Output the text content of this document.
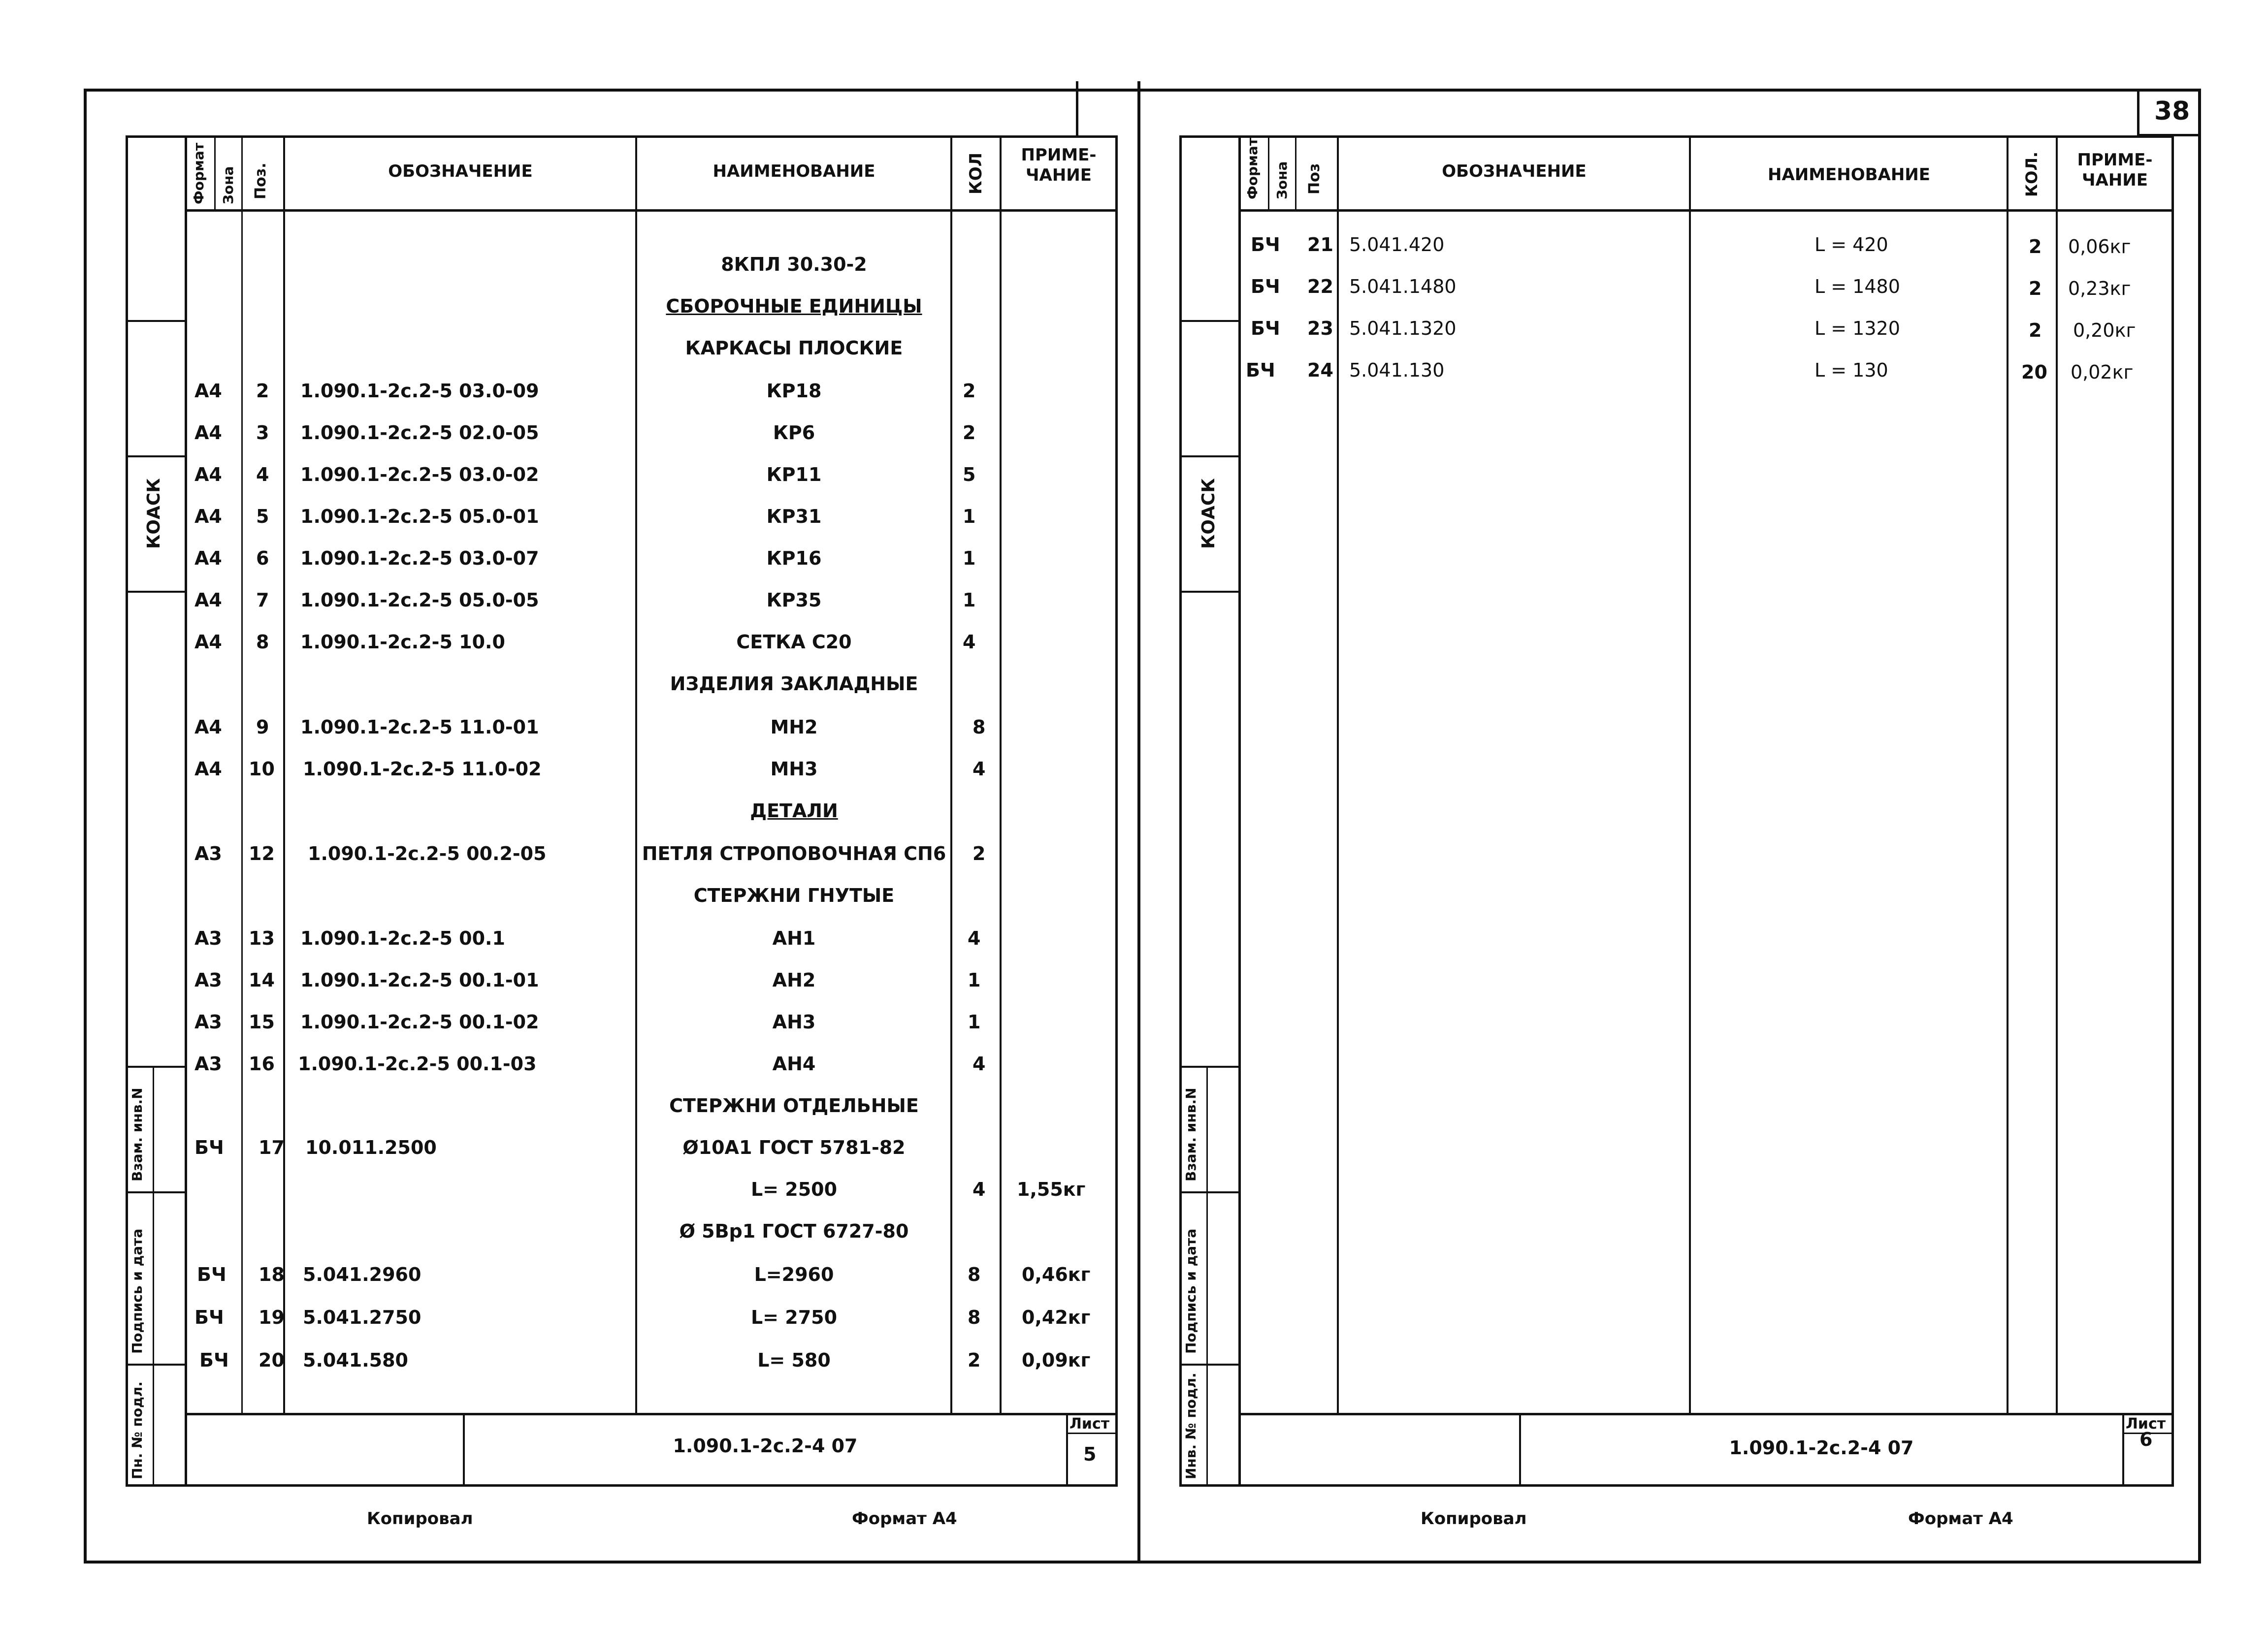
38
КОАСК
Взам. инв.N
Подпись и дата
Пн. № подл.
Формат Зона Поз.	ОБОЗНАЧЕНИЕ	НАИМЕНОВАНИЕ	КОЛ	ПРИМЕ-
ЧАНИЕ
8КПЛ 30.30-2
СБОРОЧНЫЕ ЕДИНИЦЫ
КАРКАСЫ ПЛОСКИЕ
А4 2 1.090.1-2с.2-5 03.0-09	КР18	2
А4 3 1.090.1-2с.2-5 02.0-05	КР6	2
А4 4 1.090.1-2с.2-5 03.0-02	КР11	5
А4 5 1.090.1-2с.2-5 05.0-01	КР31	1
А4 6 1.090.1-2с.2-5 03.0-07	КР16	1
А4 7 1.090.1-2с.2-5 05.0-05	КР35	1
А4 8 1.090.1-2с.2-5 10.0	СЕТКА С20	4
ИЗДЕЛИЯ ЗАКЛАДНЫЕ
А4 9 1.090.1-2с.2-5 11.0-01	МН2	8
А4 10 1.090.1-2с.2-5 11.0-02	МН3	4
ДЕТАЛИ
А3 12 1.090.1-2с.2-5 00.2-05	ПЕТЛЯ СТРОПОВОЧНАЯ СП6 2
СТЕРЖНИ ГНУТЫЕ
А3 13 1.090.1-2с.2-5 00.1	АН1	4
А3 14 1.090.1-2с.2-5 00.1-01	АН2	1
А3 15 1.090.1-2с.2-5 00.1-02	АН3	1
А3 16 1.090.1-2с.2-5 00.1-03	АН4	4
СТЕРЖНИ ОТДЕЛЬНЫЕ
БЧ 17 10.011.2500	Ø10А1 ГОСТ 5781-82
L= 2500	4 1,55кг
Ø 5Вр1 ГОСТ 6727-80
БЧ 18 5.041.2960	L=2960	8 0,46кг
БЧ 19 5.041.2750	L= 2750	8 0,42кг
БЧ 20 5.041.580	L= 580	2 0,09кг
1.090.1-2с.2-4 07
Лист
5
Копировал	Формат А4
КОАСК
Взам. инв.N
Подпись и дата
Инв. № подл.
Формат Зона Поз	ОБОЗНАЧЕНИЕ	НАИМЕНОВАНИЕ	КОЛ.	ПРИМЕ-
ЧАНИЕ
БЧ 21 5.041.420	L = 420	2 0,06кг
БЧ 22 5.041.1480	L = 1480	2 0,23кг
БЧ 23 5.041.1320	L = 1320	2 0,20кг
БЧ 24 5.041.130	L = 130	20 0,02кг
1.090.1-2с.2-4 07
Лист
6
Копировал	Формат А4
